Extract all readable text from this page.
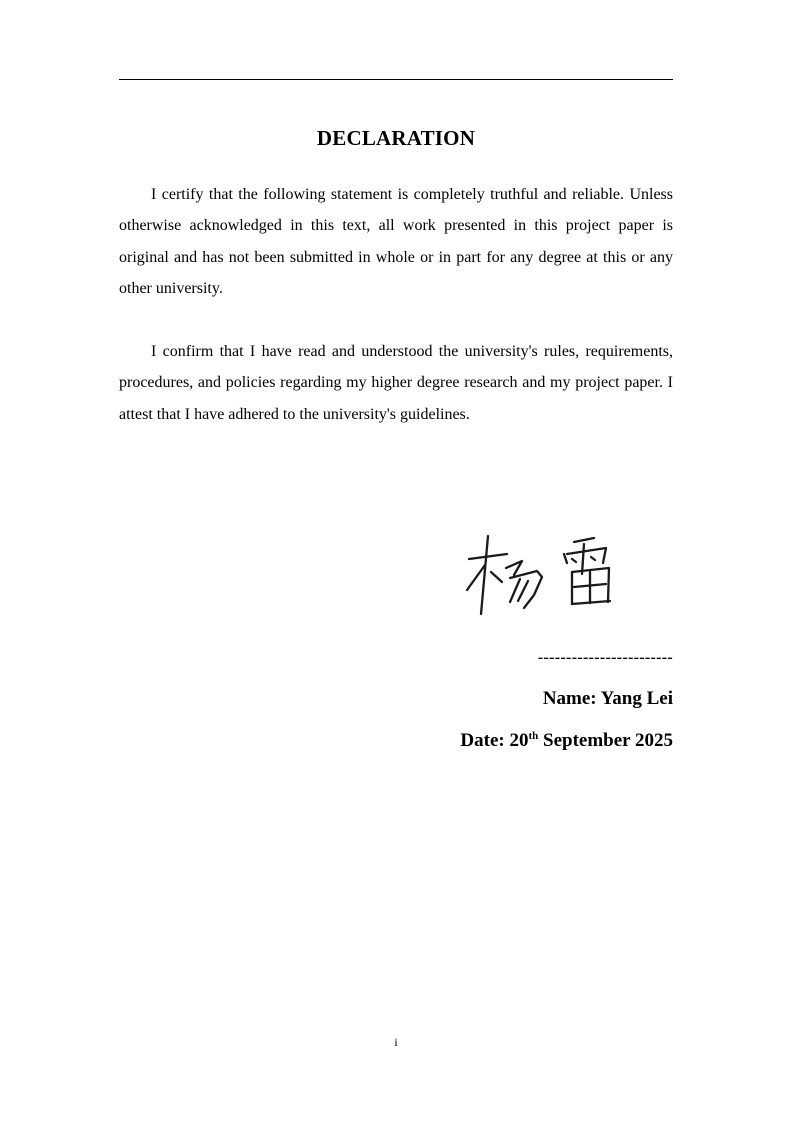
DECLARATION

I certify that the following statement is completely truthful and reliable. Unless otherwise acknowledged in this text, all work presented in this project paper is original and has not been submitted in whole or in part for any degree at this or any other university.

I confirm that I have read and understood the university's rules, requirements, procedures, and policies regarding my higher degree research and my project paper. I attest that I have adhered to the university's guidelines.

------------------------
Name: Yang Lei
Date: 20th September 2025
i
